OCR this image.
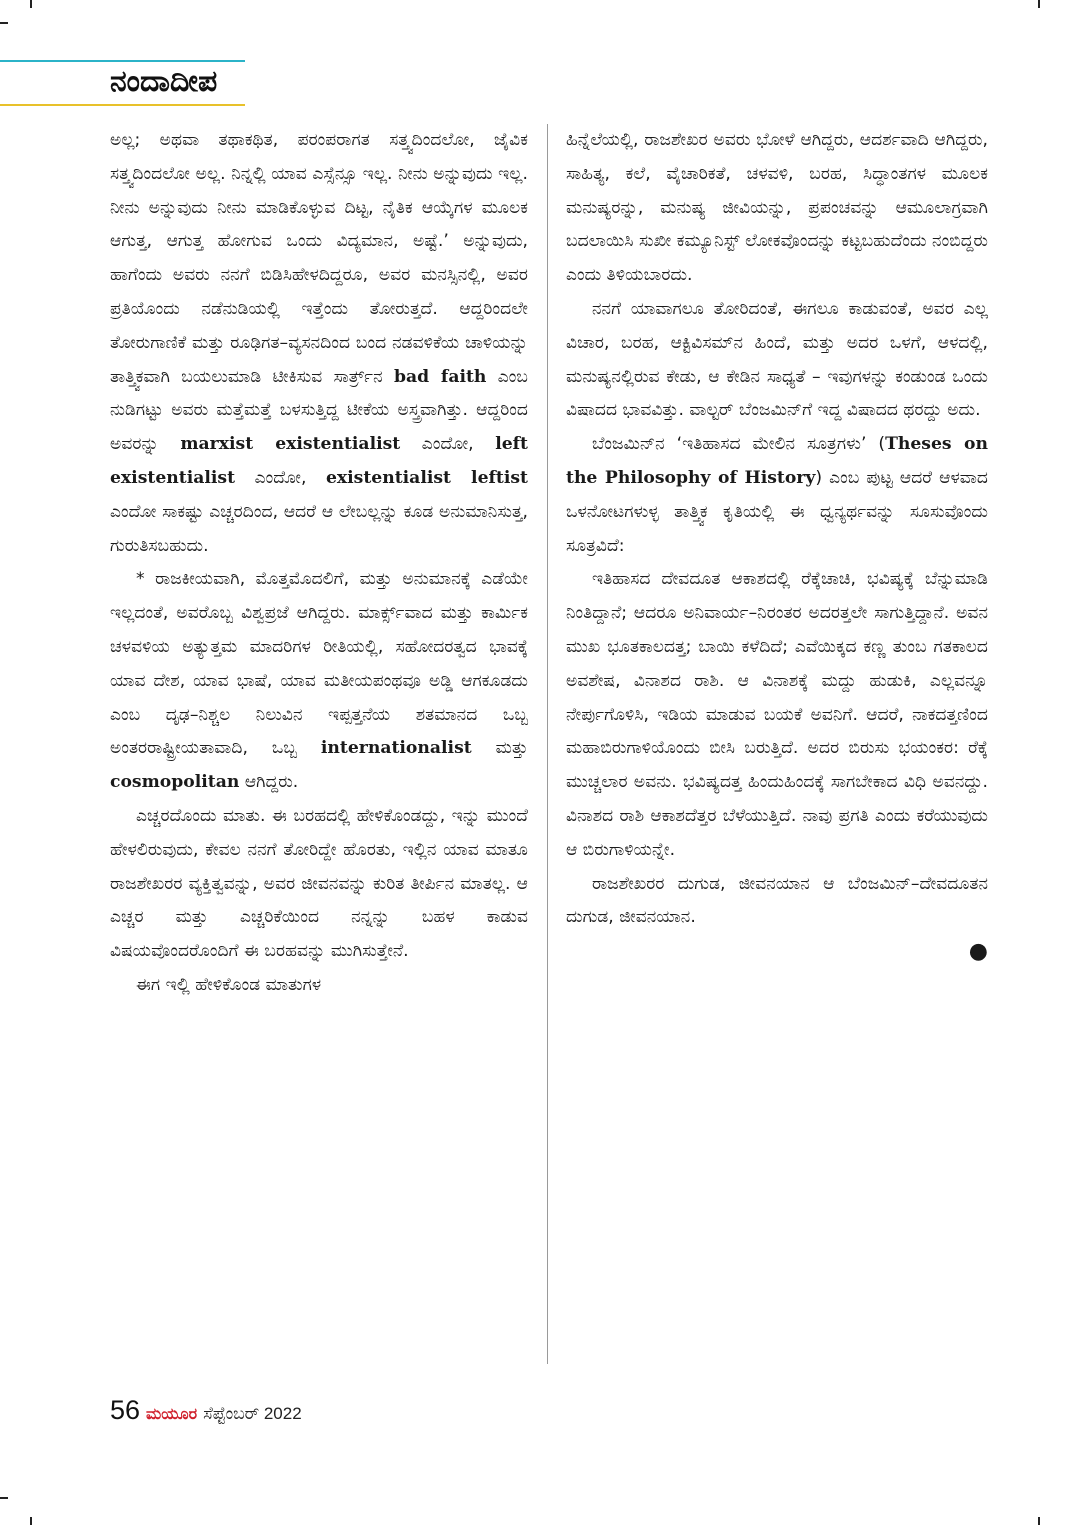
ನಂದಾದೀಪ

ಅಲ್ಲ; ಅಥವಾ ತಥಾಕಥಿತ, ಪರಂಪರಾಗತ ಸತ್ತ್ವದಿಂದಲೋ, ಜೈವಿಕ ಸತ್ತ್ವದಿಂದಲೋ ಅಲ್ಲ. ನಿನ್ನಲ್ಲಿ ಯಾವ ಎಸ್ಸೆನ್ಸೂ ಇಲ್ಲ. ನೀನು ಅನ್ನುವುದು ಇಲ್ಲ. ನೀನು ಅನ್ನುವುದು ನೀನು ಮಾಡಿಕೊಳ್ಳುವ ದಿಟ್ಟ, ನೈತಿಕ ಆಯ್ಕೆಗಳ ಮೂಲಕ ಆಗುತ್ತ, ಆಗುತ್ತ ಹೋಗುವ ಒಂದು ವಿದ್ಯಮಾನ, ಅಷ್ಟೆ.’ ಅನ್ನುವುದು, ಹಾಗೆಂದು ಅವರು ನನಗೆ ಬಿಡಿಸಿಹೇಳದಿದ್ದರೂ, ಅವರ ಮನಸ್ಸಿನಲ್ಲಿ, ಅವರ ಪ್ರತಿಯೊಂದು ನಡೆನುಡಿಯಲ್ಲಿ ಇತ್ತೆಂದು ತೋರುತ್ತದೆ. ಆದ್ದರಿಂದಲೇ ತೋರುಗಾಣಿಕೆ ಮತ್ತು ರೂಢಿಗತ–ವ್ಯಸನದಿಂದ ಬಂದ ನಡವಳಿಕೆಯ ಚಾಳಿಯನ್ನು ತಾತ್ತ್ವಿಕವಾಗಿ ಬಯಲುಮಾಡಿ ಟೀಕಿಸುವ ಸಾರ್ತ್ರ್‌ನ bad faith ಎಂಬ ನುಡಿಗಟ್ಟು ಅವರು ಮತ್ತೆಮತ್ತೆ ಬಳಸುತ್ತಿದ್ದ ಟೀಕೆಯ ಅಸ್ತ್ರವಾಗಿತ್ತು. ಆದ್ದರಿಂದ ಅವರನ್ನು marxist existentialist ಎಂದೋ, left existentialist ಎಂದೋ, existentialist leftist ಎಂದೋ ಸಾಕಷ್ಟು ಎಚ್ಚರದಿಂದ, ಆದರೆ ಆ ಲೇಬಲ್ಲನ್ನು ಕೂಡ ಅನುಮಾನಿಸುತ್ತ, ಗುರುತಿಸಬಹುದು.

* ರಾಜಕೀಯವಾಗಿ, ಮೊತ್ತಮೊದಲಿಗೆ, ಮತ್ತು ಅನುಮಾನಕ್ಕೆ ಎಡೆಯೇ ಇಲ್ಲದಂತೆ, ಅವರೊಬ್ಬ ವಿಶ್ವಪ್ರಜೆ ಆಗಿದ್ದರು. ಮಾರ್ಕ್ಸ್‌ವಾದ ಮತ್ತು ಕಾರ್ಮಿಕ ಚಳವಳಿಯ ಅತ್ಯುತ್ತಮ ಮಾದರಿಗಳ ರೀತಿಯಲ್ಲಿ, ಸಹೋದರತ್ವದ ಭಾವಕ್ಕೆ ಯಾವ ದೇಶ, ಯಾವ ಭಾಷೆ, ಯಾವ ಮತೀಯಪಂಥವೂ ಅಡ್ಡಿ ಆಗಕೂಡದು ಎಂಬ ದೃಢ–ನಿಶ್ಚಲ ನಿಲುವಿನ ಇಪ್ಪತ್ತನೆಯ ಶತಮಾನದ ಒಬ್ಬ ಅಂತರರಾಷ್ಟ್ರೀಯತಾವಾದಿ, ಒಬ್ಬ internationalist ಮತ್ತು cosmopolitan ಆಗಿದ್ದರು.

ಎಚ್ಚರದೊಂದು ಮಾತು. ಈ ಬರಹದಲ್ಲಿ ಹೇಳಿಕೊಂಡದ್ದು, ಇನ್ನು ಮುಂದೆ ಹೇಳಲಿರುವುದು, ಕೇವಲ ನನಗೆ ತೋರಿದ್ದೇ ಹೊರತು, ಇಲ್ಲಿನ ಯಾವ ಮಾತೂ ರಾಜಶೇಖರರ ವ್ಯಕ್ತಿತ್ವವನ್ನು, ಅವರ ಜೀವನವನ್ನು ಕುರಿತ ತೀರ್ಪಿನ ಮಾತಲ್ಲ. ಆ ಎಚ್ಚರ ಮತ್ತು ಎಚ್ಚರಿಕೆಯಿಂದ ನನ್ನನ್ನು ಬಹಳ ಕಾಡುವ ವಿಷಯವೊಂದರೊಂದಿಗೆ ಈ ಬರಹವನ್ನು ಮುಗಿಸುತ್ತೇನೆ.

ಈಗ ಇಲ್ಲಿ ಹೇಳಿಕೊಂಡ ಮಾತುಗಳ

ಹಿನ್ನೆಲೆಯಲ್ಲಿ, ರಾಜಶೇಖರ ಅವರು ಭೋಳೆ ಆಗಿದ್ದರು, ಆದರ್ಶವಾದಿ ಆಗಿದ್ದರು, ಸಾಹಿತ್ಯ, ಕಲೆ, ವೈಚಾರಿಕತೆ, ಚಳವಳಿ, ಬರಹ, ಸಿದ್ಧಾಂತಗಳ ಮೂಲಕ ಮನುಷ್ಯರನ್ನು, ಮನುಷ್ಯ ಜೀವಿಯನ್ನು, ಪ್ರಪಂಚವನ್ನು ಆಮೂಲಾಗ್ರವಾಗಿ ಬದಲಾಯಿಸಿ ಸುಖೀ ಕಮ್ಯೂನಿಸ್ಟ್ ಲೋಕವೊಂದನ್ನು ಕಟ್ಟಬಹುದೆಂದು ನಂಬಿದ್ದರು ಎಂದು ತಿಳಿಯಬಾರದು.

ನನಗೆ ಯಾವಾಗಲೂ ತೋರಿದಂತೆ, ಈಗಲೂ ಕಾಡುವಂತೆ, ಅವರ ಎಲ್ಲ ವಿಚಾರ, ಬರಹ, ಆಕ್ಟಿವಿಸಮ್‌ನ ಹಿಂದೆ, ಮತ್ತು ಅದರ ಒಳಗೆ, ಆಳದಲ್ಲಿ, ಮನುಷ್ಯನಲ್ಲಿರುವ ಕೇಡು, ಆ ಕೇಡಿನ ಸಾಧ್ಯತೆ – ಇವುಗಳನ್ನು ಕಂಡುಂಡ ಒಂದು ವಿಷಾದದ ಭಾವವಿತ್ತು. ವಾಲ್ಟರ್ ಬೆಂಜಮಿನ್‌ಗೆ ಇದ್ದ ವಿಷಾದದ ಥರದ್ದು ಅದು.

ಬೆಂಜಮಿನ್‌ನ ‘ಇತಿಹಾಸದ ಮೇಲಿನ ಸೂತ್ರಗಳು’ (Theses on the Philosophy of History) ಎಂಬ ಪುಟ್ಟ ಆದರೆ ಆಳವಾದ ಒಳನೋಟಗಳುಳ್ಳ ತಾತ್ತ್ವಿಕ ಕೃತಿಯಲ್ಲಿ ಈ ಧ್ವನ್ಯರ್ಥವನ್ನು ಸೂಸುವೊಂದು ಸೂತ್ರವಿದೆ:

ಇತಿಹಾಸದ ದೇವದೂತ ಆಕಾಶದಲ್ಲಿ ರೆಕ್ಕೆಚಾಚಿ, ಭವಿಷ್ಯಕ್ಕೆ ಬೆನ್ನುಮಾಡಿ ನಿಂತಿದ್ದಾನೆ; ಆದರೂ ಅನಿವಾರ್ಯ–ನಿರಂತರ ಅದರತ್ತಲೇ ಸಾಗುತ್ತಿದ್ದಾನೆ. ಅವನ ಮುಖ ಭೂತಕಾಲದತ್ತ; ಬಾಯಿ ಕಳೆದಿದೆ; ಎವೆಯಿಕ್ಕದ ಕಣ್ಣ ತುಂಬ ಗತಕಾಲದ ಅವಶೇಷ, ವಿನಾಶದ ರಾಶಿ. ಆ ವಿನಾಶಕ್ಕೆ ಮದ್ದು ಹುಡುಕಿ, ಎಲ್ಲವನ್ನೂ ನೇರ್ಪುಗೊಳಿಸಿ, ಇಡಿಯ ಮಾಡುವ ಬಯಕೆ ಅವನಿಗೆ. ಆದರೆ, ನಾಕದತ್ತಣಿಂದ ಮಹಾಬಿರುಗಾಳಿಯೊಂದು ಬೀಸಿ ಬರುತ್ತಿದೆ. ಅದರ ಬಿರುಸು ಭಯಂಕರ: ರೆಕ್ಕೆ ಮುಚ್ಚಲಾರ ಅವನು. ಭವಿಷ್ಯದತ್ತ ಹಿಂದುಹಿಂದಕ್ಕೆ ಸಾಗಬೇಕಾದ ವಿಧಿ ಅವನದ್ದು. ವಿನಾಶದ ರಾಶಿ ಆಕಾಶದೆತ್ತರ ಬೆಳೆಯುತ್ತಿದೆ. ನಾವು ಪ್ರಗತಿ ಎಂದು ಕರೆಯುವುದು ಆ ಬಿರುಗಾಳಿಯನ್ನೇ.

ರಾಜಶೇಖರರ ದುಗುಡ, ಜೀವನಯಾನ ಆ ಬೆಂಜಮಿನ್–ದೇವದೂತನ ದುಗುಡ, ಜೀವನಯಾನ.

●
56 ಮಯೂರ ಸೆಪ್ಟೆಂಬರ್ 2022
